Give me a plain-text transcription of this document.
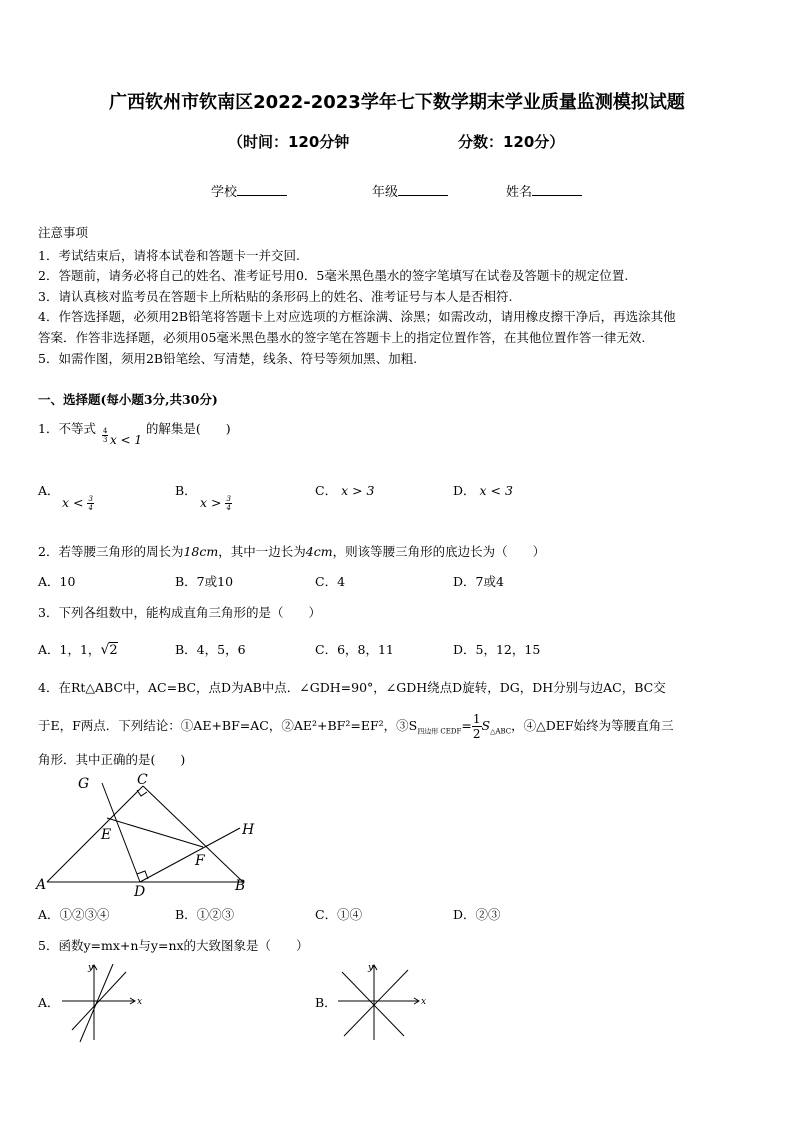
广西钦州市钦南区2022-2023学年七下数学期末学业质量监测模拟试题
（时间：120分钟	分数：120分）
学校	年级	姓名
注意事项
1．考试结束后，请将本试卷和答题卡一并交回.
2．答题前，请务必将自己的姓名、准考证号用0．5毫米黑色墨水的签字笔填写在试卷及答题卡的规定位置.
3．请认真核对监考员在答题卡上所粘贴的条形码上的姓名、准考证号与本人是否相符.
4．作答选择题，必须用2B铅笔将答题卡上对应选项的方框涂满、涂黑；如需改动，请用橡皮擦干净后，再选涂其他
答案．作答非选择题，必须用05毫米黑色墨水的签字笔在答题卡上的指定位置作答，在其他位置作答一律无效.
5．如需作图，须用2B铅笔绘、写清楚，线条、符号等须加黑、加粗.
一、选择题(每小题3分,共30分)
1．不等式 $\frac{4}{3}$ x < 1
的解集是(　　)
A．
$x < \frac{3}{4}$
B．
$x > \frac{3}{4}$
C． x > 3	D． x < 3
2．若等腰三角形的周长为18cm，其中一边长为4cm，则该等腰三角形的底边长为（　　）
A．10	B．7或10	C．4	D．7或4
3．下列各组数中，能构成直角三角形的是（　　）
A．1，1，√2	B．4，5，6	C．6，8，11	D．5，12，15
4．在Rt△ABC中，AC=BC，点D为AB中点．∠GDH=90°，∠GDH绕点D旋转，DG，DH分别与边AC，BC交
于E，F两点．下列结论：①AE+BF=AC，②AE²+BF²=EF²，$③S_{四边形 CEDF}= \frac{1}{2} S_{\triangle ABC}$，④△DEF始终为等腰直角三
角形．其中正确的是(　　)
G	C
H
E
F
A	D	B
A．①②③④	B．①②③	C．①④	D．②③
5．函数y=mx+n与y=nx的大致图象是（　　）
A．	x
y
B．	x
y
